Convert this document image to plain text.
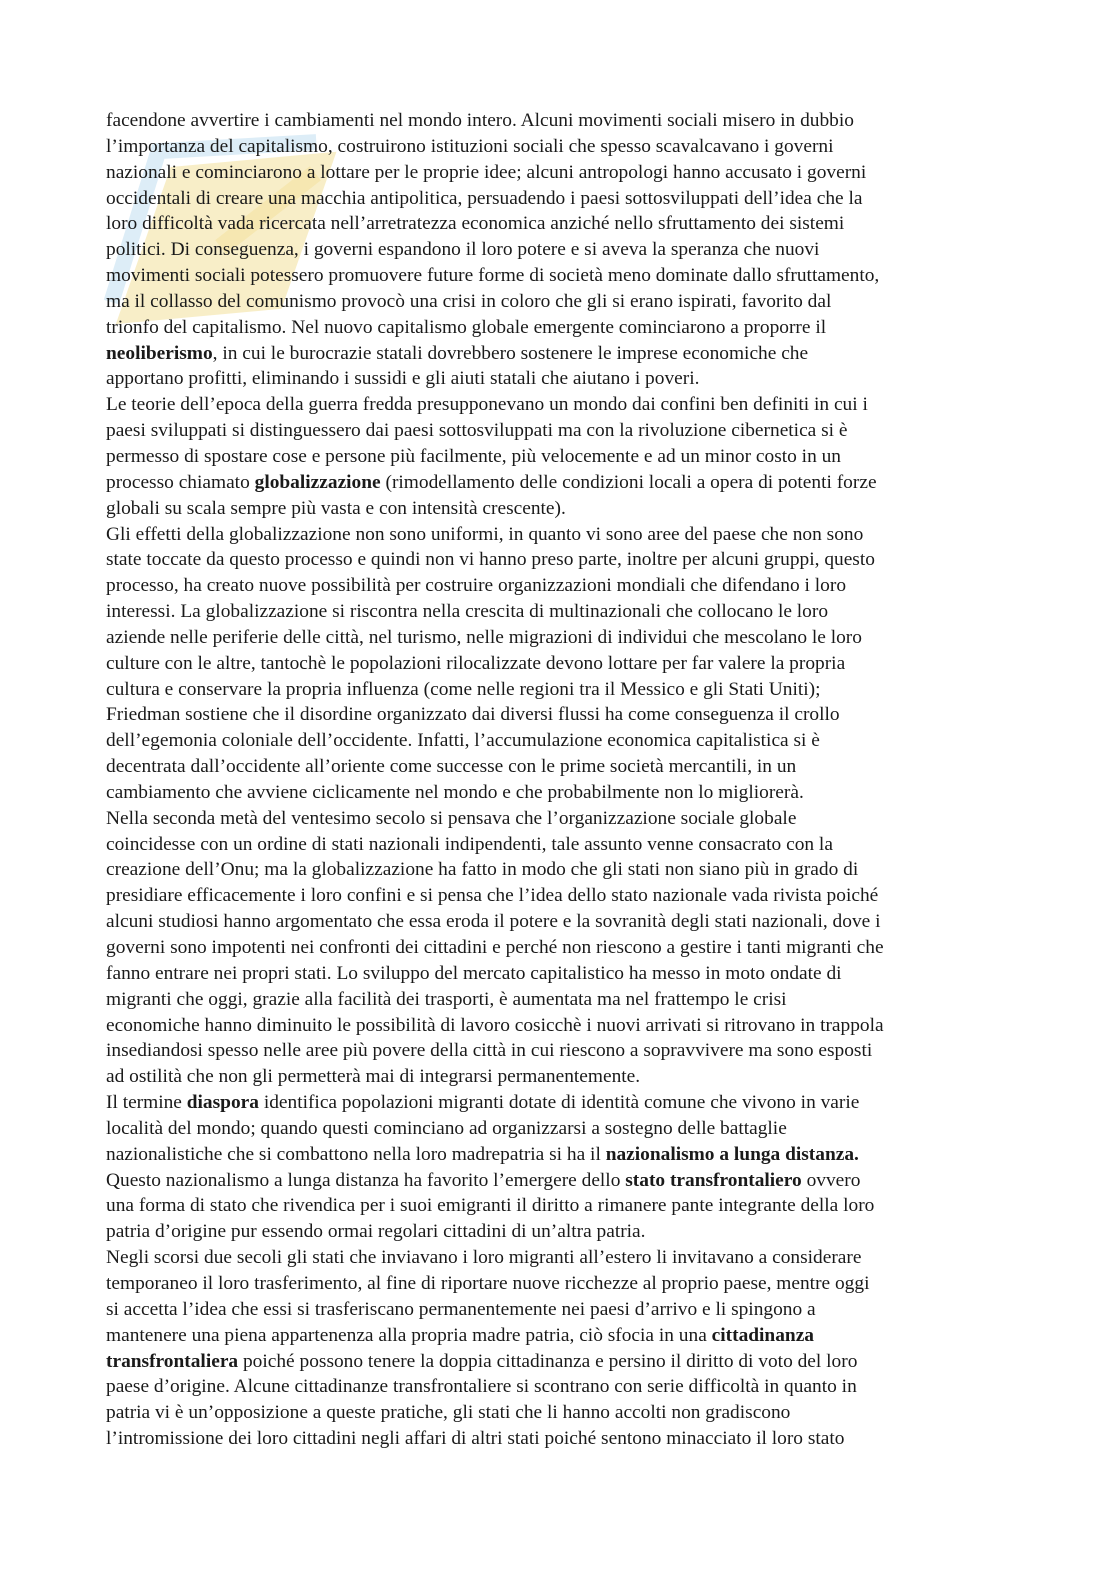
facendone avvertire i cambiamenti nel mondo intero. Alcuni movimenti sociali misero in dubbio
l’importanza del capitalismo, costruirono istituzioni sociali che spesso scavalcavano i governi
nazionali e cominciarono a lottare per le proprie idee; alcuni antropologi hanno accusato i governi
occidentali di creare una macchia antipolitica, persuadendo i paesi sottosviluppati dell’idea che la
loro difficoltà vada ricercata nell’arretratezza economica anziché nello sfruttamento dei sistemi
politici. Di conseguenza, i governi espandono il loro potere e si aveva la speranza che nuovi
movimenti sociali potessero promuovere future forme di società meno dominate dallo sfruttamento,
ma il collasso del comunismo provocò una crisi in coloro che gli si erano ispirati, favorito dal
trionfo del capitalismo. Nel nuovo capitalismo globale emergente cominciarono a proporre il
neoliberismo, in cui le burocrazie statali dovrebbero sostenere le imprese economiche che
apportano profitti, eliminando i sussidi e gli aiuti statali che aiutano i poveri.
Le teorie dell’epoca della guerra fredda presupponevano un mondo dai confini ben definiti in cui i
paesi sviluppati si distinguessero dai paesi sottosviluppati ma con la rivoluzione cibernetica si è
permesso di spostare cose e persone più facilmente, più velocemente e ad un minor costo in un
processo chiamato globalizzazione (rimodellamento delle condizioni locali a opera di potenti forze
globali su scala sempre più vasta e con intensità crescente).
Gli effetti della globalizzazione non sono uniformi, in quanto vi sono aree del paese che non sono
state toccate da questo processo e quindi non vi hanno preso parte, inoltre per alcuni gruppi, questo
processo, ha creato nuove possibilità per costruire organizzazioni mondiali che difendano i loro
interessi. La globalizzazione si riscontra nella crescita di multinazionali che collocano le loro
aziende nelle periferie delle città, nel turismo, nelle migrazioni di individui che mescolano le loro
culture con le altre, tantochè le popolazioni rilocalizzate devono lottare per far valere la propria
cultura e conservare la propria influenza (come nelle regioni tra il Messico e gli Stati Uniti);
Friedman sostiene che il disordine organizzato dai diversi flussi ha come conseguenza il crollo
dell’egemonia coloniale dell’occidente. Infatti, l’accumulazione economica capitalistica si è
decentrata dall’occidente all’oriente come successe con le prime società mercantili, in un
cambiamento che avviene ciclicamente nel mondo e che probabilmente non lo migliorerà.
Nella seconda metà del ventesimo secolo si pensava che l’organizzazione sociale globale
coincidesse con un ordine di stati nazionali indipendenti, tale assunto venne consacrato con la
creazione dell’Onu; ma la globalizzazione ha fatto in modo che gli stati non siano più in grado di
presidiare efficacemente i loro confini e si pensa che l’idea dello stato nazionale vada rivista poiché
alcuni studiosi hanno argomentato che essa eroda il potere e la sovranità degli stati nazionali, dove i
governi sono impotenti nei confronti dei cittadini e perché non riescono a gestire i tanti migranti che
fanno entrare nei propri stati. Lo sviluppo del mercato capitalistico ha messo in moto ondate di
migranti che oggi, grazie alla facilità dei trasporti, è aumentata ma nel frattempo le crisi
economiche hanno diminuito le possibilità di lavoro cosicchè i nuovi arrivati si ritrovano in trappola
insediandosi spesso nelle aree più povere della città in cui riescono a sopravvivere ma sono esposti
ad ostilità che non gli permetterà mai di integrarsi permanentemente.
Il termine diaspora identifica popolazioni migranti dotate di identità comune che vivono in varie
località del mondo; quando questi cominciano ad organizzarsi a sostegno delle battaglie
nazionalistiche che si combattono nella loro madrepatria si ha il nazionalismo a lunga distanza.
Questo nazionalismo a lunga distanza ha favorito l’emergere dello stato transfrontaliero ovvero
una forma di stato che rivendica per i suoi emigranti il diritto a rimanere pante integrante della loro
patria d’origine pur essendo ormai regolari cittadini di un’altra patria.
Negli scorsi due secoli gli stati che inviavano i loro migranti all’estero li invitavano a considerare
temporaneo il loro trasferimento, al fine di riportare nuove ricchezze al proprio paese, mentre oggi
si accetta l’idea che essi si trasferiscano permanentemente nei paesi d’arrivo e li spingono a
mantenere una piena appartenenza alla propria madre patria, ciò sfocia in una cittadinanza
transfrontaliera poiché possono tenere la doppia cittadinanza e persino il diritto di voto del loro
paese d’origine. Alcune cittadinanze transfrontaliere si scontrano con serie difficoltà in quanto in
patria vi è un’opposizione a queste pratiche, gli stati che li hanno accolti non gradiscono
l’intromissione dei loro cittadini negli affari di altri stati poiché sentono minacciato il loro stato
